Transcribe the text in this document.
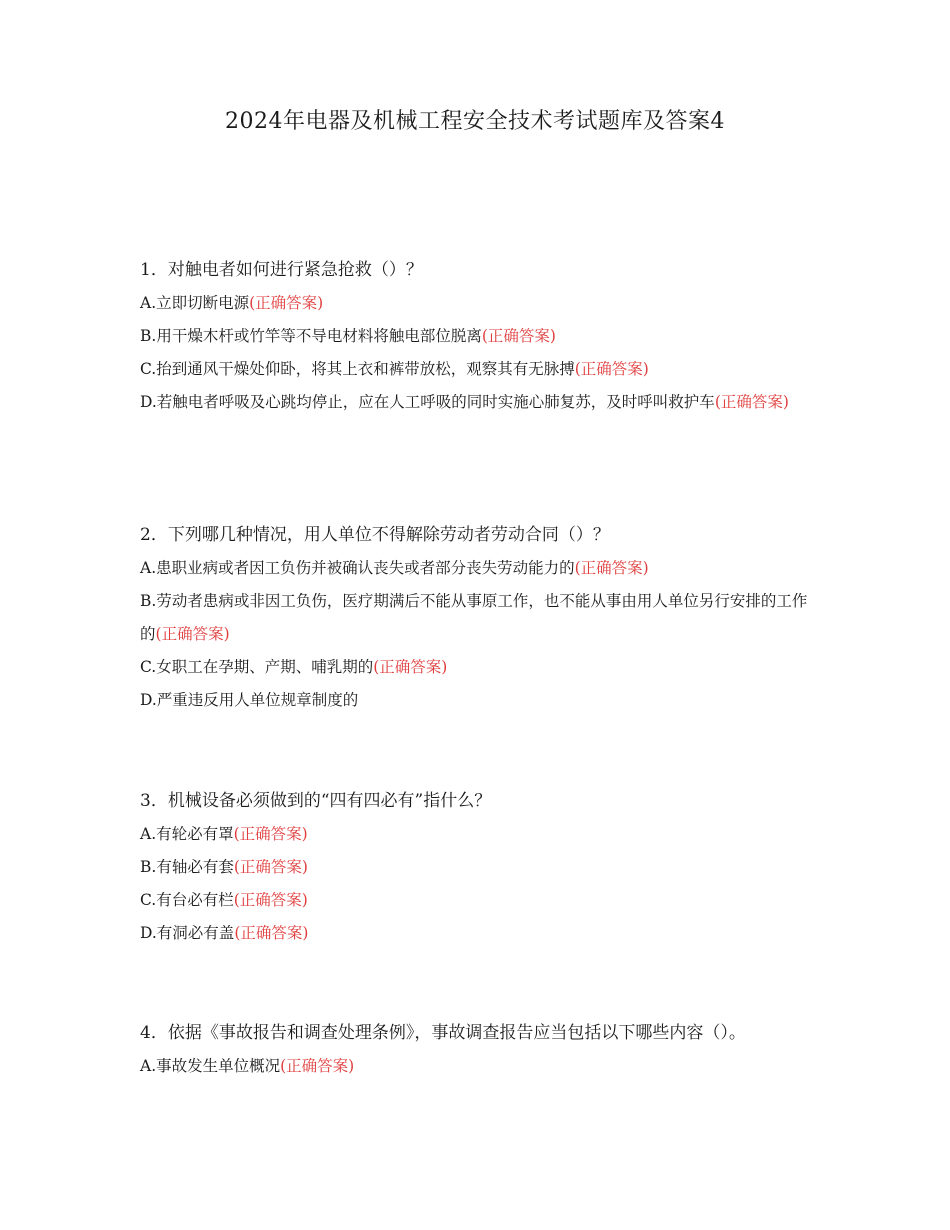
2024年电器及机械工程安全技术考试题库及答案4
1．对触电者如何进行紧急抢救（）？
A.立即切断电源(正确答案)
B.用干燥木杆或竹竿等不导电材料将触电部位脱离(正确答案)
C.抬到通风干燥处仰卧，将其上衣和裤带放松，观察其有无脉搏(正确答案)
D.若触电者呼吸及心跳均停止，应在人工呼吸的同时实施心肺复苏，及时呼叫救护车(正确答案)
2．下列哪几种情况，用人单位不得解除劳动者劳动合同（）？
A.患职业病或者因工负伤并被确认丧失或者部分丧失劳动能力的(正确答案)
B.劳动者患病或非因工负伤，医疗期满后不能从事原工作，也不能从事由用人单位另行安排的工作的(正确答案)
C.女职工在孕期、产期、哺乳期的(正确答案)
D.严重违反用人单位规章制度的
3．机械设备必须做到的“四有四必有”指什么？
A.有轮必有罩(正确答案)
B.有轴必有套(正确答案)
C.有台必有栏(正确答案)
D.有洞必有盖(正确答案)
4．依据《事故报告和调查处理条例》，事故调查报告应当包括以下哪些内容（）。
A.事故发生单位概况(正确答案)
